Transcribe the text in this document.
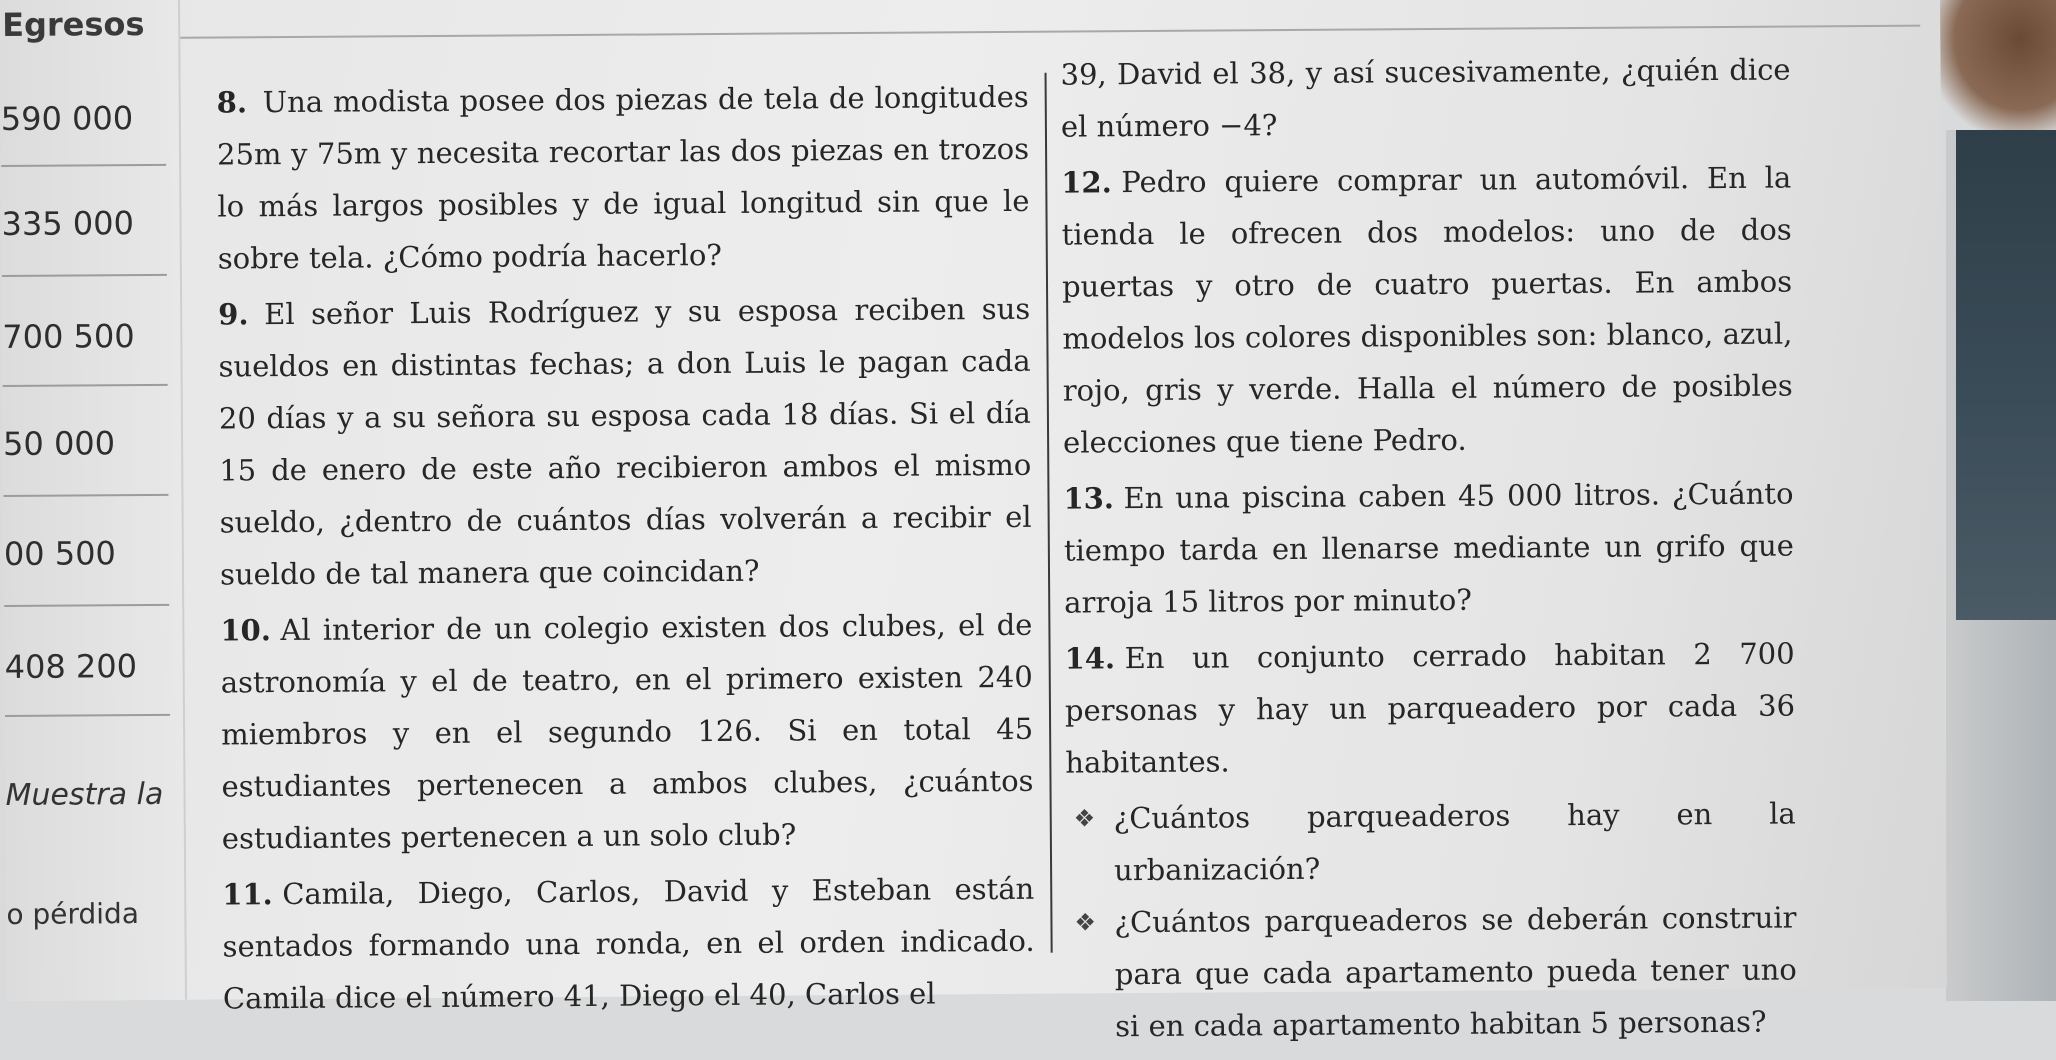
Egresos
590 000
335 000
700 500
50 000
00 500
408 200
Muestra la
o pérdida
8. Una modista posee dos piezas de tela de longitudes 25m y 75m y necesita recortar las dos piezas en trozos lo más largos posibles y de igual longitud sin que le sobre tela. ¿Cómo podría hacerlo?
9. El señor Luis Rodríguez y su esposa reciben sus sueldos en distintas fechas; a don Luis le pagan cada 20 días y a su señora su esposa cada 18 días. Si el día 15 de enero de este año recibieron ambos el mismo sueldo, ¿dentro de cuántos días volverán a recibir el sueldo de tal manera que coincidan?
10. Al interior de un colegio existen dos clubes, el de astronomía y el de teatro, en el primero existen 240 miembros y en el segundo 126. Si en total 45 estudiantes pertenecen a ambos clubes, ¿cuántos estudiantes pertenecen a un solo club?
11. Camila, Diego, Carlos, David y Esteban están sentados formando una ronda, en el orden indicado. Camila dice el número 41, Diego el 40, Carlos el
39, David el 38, y así sucesivamente, ¿quién dice el número −4?
12. Pedro quiere comprar un automóvil. En la tienda le ofrecen dos modelos: uno de dos puertas y otro de cuatro puertas. En ambos modelos los colores disponibles son: blanco, azul, rojo, gris y verde. Halla el número de posibles elecciones que tiene Pedro.
13. En una piscina caben 45 000 litros. ¿Cuánto tiempo tarda en llenarse mediante un grifo que arroja 15 litros por minuto?
14. En un conjunto cerrado habitan 2 700 personas y hay un parqueadero por cada 36 habitantes.
❖ ¿Cuántos parqueaderos hay en la urbanización?
❖ ¿Cuántos parqueaderos se deberán construir para que cada apartamento pueda tener uno si en cada apartamento habitan 5 personas?
